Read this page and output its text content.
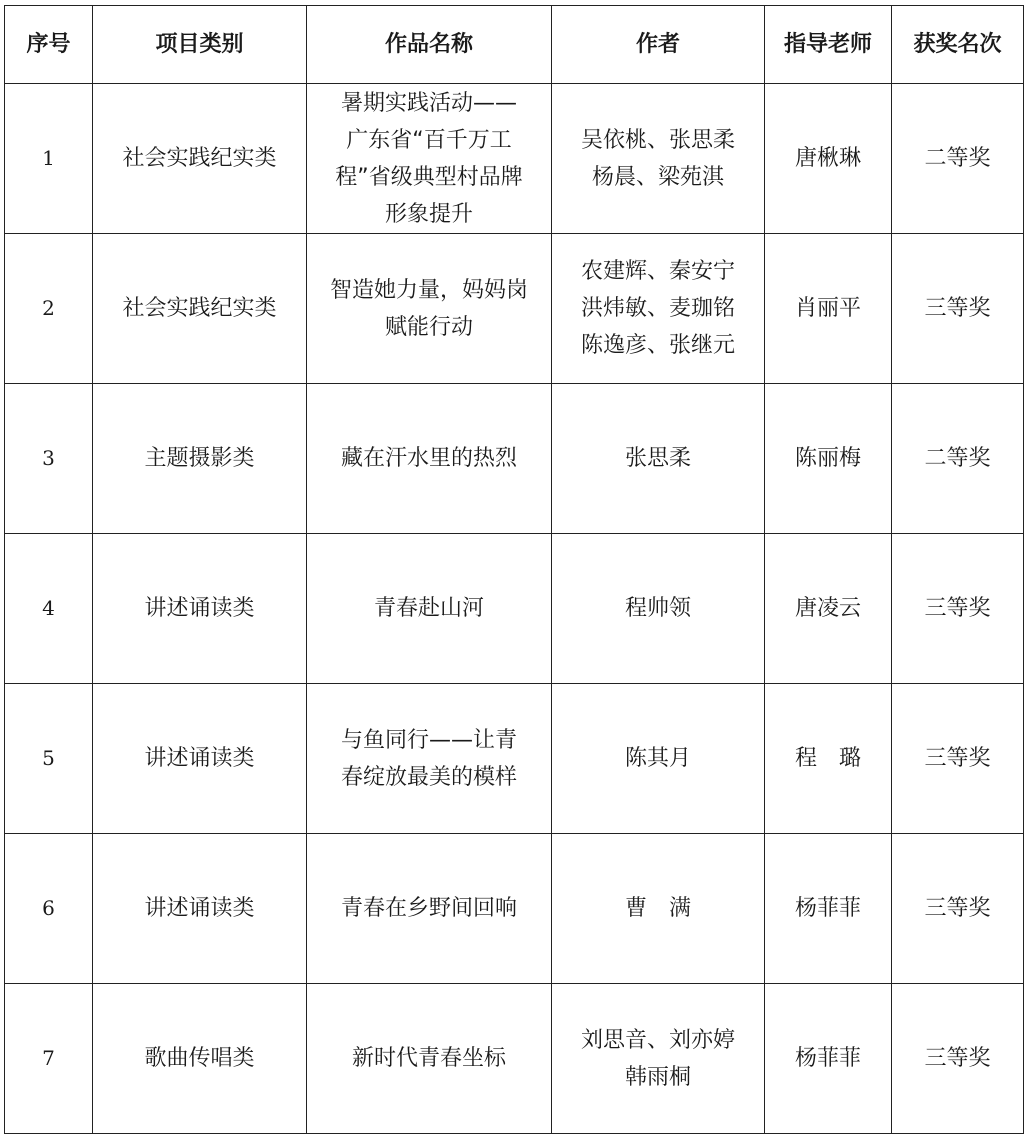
序号	项目类别	作品名称	作者	指导老师	获奖名次
1	社会实践纪实类	暑期实践活动——
广东省“百千万工
程”省级典型村品牌
形象提升	吴依桃、张思柔
杨晨、梁苑淇	唐楸琳	二等奖
2	社会实践纪实类	智造她力量，妈妈岗
赋能行动	农建辉、秦安宁
洪炜敏、麦珈铭
陈逸彦、张继元	肖丽平	三等奖
3	主题摄影类	藏在汗水里的热烈	张思柔	陈丽梅	二等奖
4	讲述诵读类	青春赴山河	程帅领	唐凌云	三等奖
5	讲述诵读类	与鱼同行——让青
春绽放最美的模样	陈其月	程　璐	三等奖
6	讲述诵读类	青春在乡野间回响	曹　满	杨菲菲	三等奖
7	歌曲传唱类	新时代青春坐标	刘思音、刘亦婷
韩雨桐	杨菲菲	三等奖
